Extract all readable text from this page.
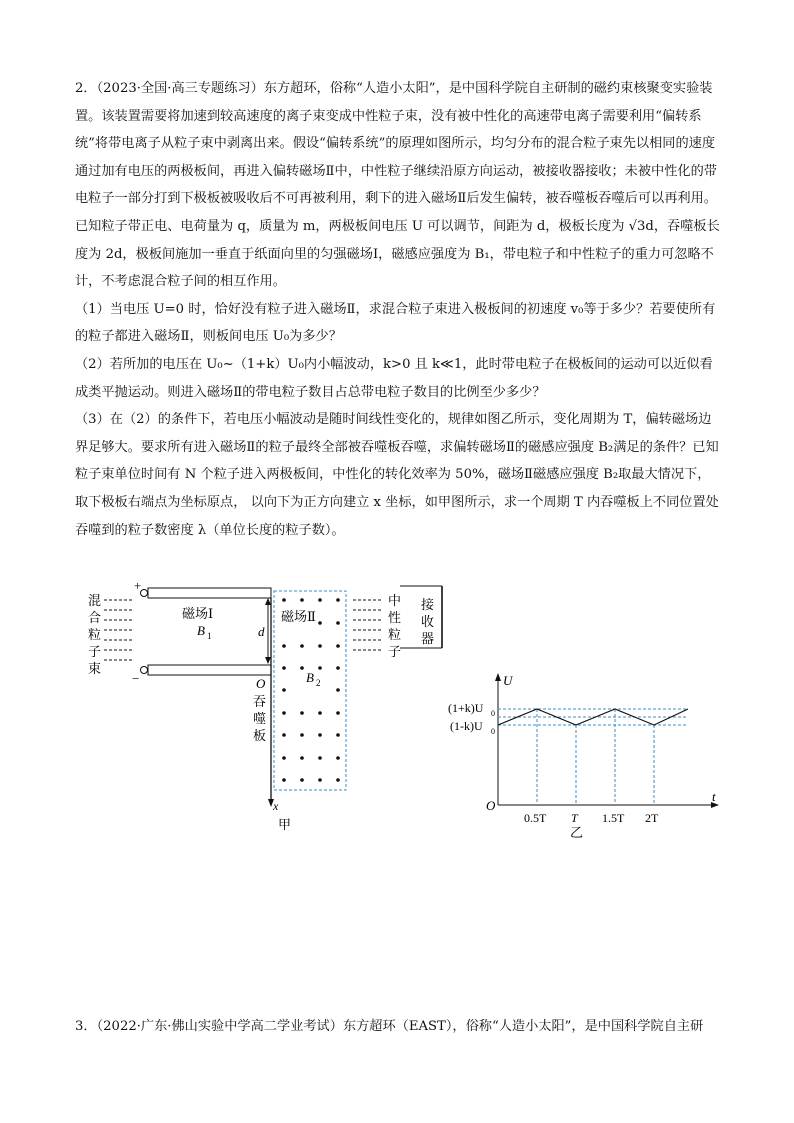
2．（2023·全国·高三专题练习）东方超环，俗称“人造小太阳”，是中国科学院自主研制的磁约束核聚变实验装置。该装置需要将加速到较高速度的离子束变成中性粒子束，没有被中性化的高速带电离子需要利用“偏转系统”将带电离子从粒子束中剥离出来。假设“偏转系统”的原理如图所示，均匀分布的混合粒子束先以相同的速度通过加有电压的两极板间，再进入偏转磁场Ⅱ中，中性粒子继续沿原方向运动，被接收器接收；未被中性化的带电粒子一部分打到下极板被吸收后不可再被利用，剩下的进入磁场Ⅱ后发生偏转，被吞噬板吞噬后可以再利用。 已知粒子带正电、电荷量为 q，质量为 m，两极板间电压 U 可以调节，间距为 d，极板长度为 √3d，吞噬板长度为 2d，极板间施加一垂直于纸面向里的匀强磁场Ⅰ，磁感应强度为 B₁，带电粒子和中性粒子的重力可忽略不计，不考虑混合粒子间的相互作用。

（1）当电压 U=0 时，恰好没有粒子进入磁场Ⅱ，求混合粒子束进入极板间的初速度 v₀等于多少？若要使所有的粒子都进入磁场Ⅱ，则板间电压 U₀为多少？

（2）若所加的电压在 U₀~（1+k）U₀内小幅波动，k>0 且 k≪1，此时带电粒子在极板间的运动可以近似看成类平抛运动。则进入磁场Ⅱ的带电粒子数目占总带电粒子数目的比例至少多少？

（3）在（2）的条件下，若电压小幅波动是随时间线性变化的，规律如图乙所示，变化周期为 T，偏转磁场边界足够大。要求所有进入磁场Ⅱ的粒子最终全部被吞噬板吞噬，求偏转磁场Ⅱ的磁感应强度 B₂满足的条件？已知粒子束单位时间有 N 个粒子进入两极板间，中性化的转化效率为 50%，磁场Ⅱ磁感应强度 B₂取最大情况下，取下极板右端点为坐标原点， 以向下为正方向建立 x 坐标，如甲图所示，求一个周期 T 内吞噬板上不同位置处吞噬到的粒子数密度 λ（单位长度的粒子数）。

+
−
混
合
粒
子
束
磁场Ⅰ
B 1	d
x
O
吞
噬
板
磁场Ⅱ
B 2
中
性
粒
子
接
收
器
甲
U
t
O
(1+k)U 0
(1-k)U 0
0.5T T 1.5T 2T
乙
3．（2022·广东·佛山实验中学高二学业考试）东方超环（EAST），俗称“人造小太阳”，是中国科学院自主研
